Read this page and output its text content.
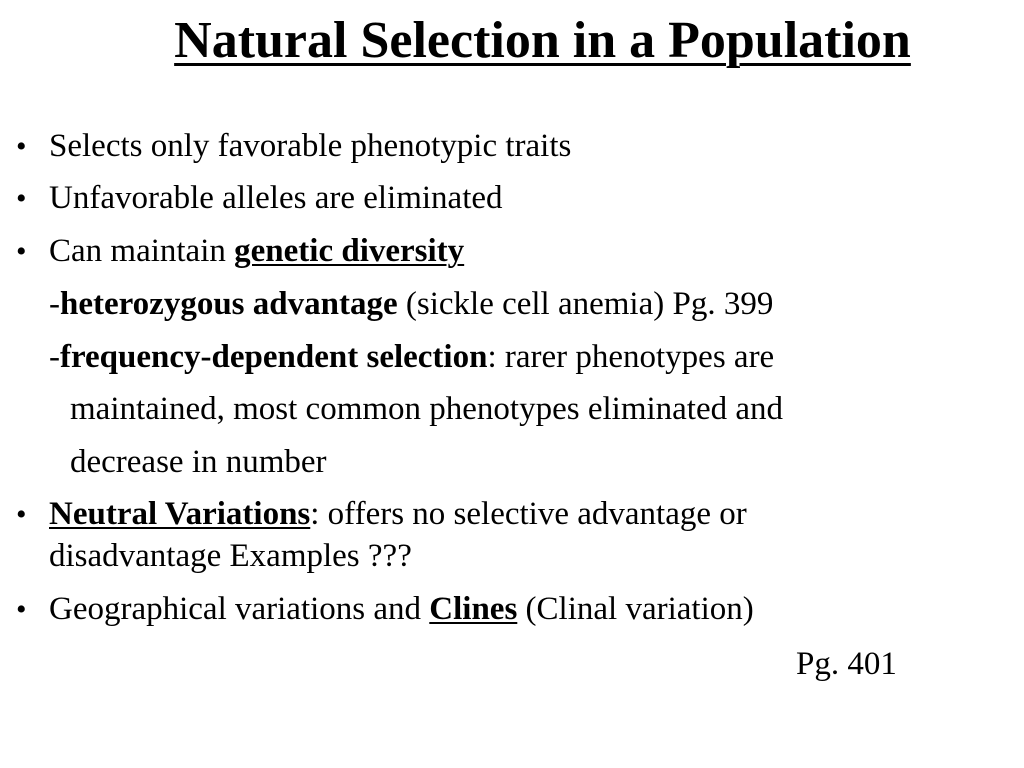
Natural Selection in a Population
• Selects only favorable phenotypic traits
• Unfavorable alleles are eliminated
• Can maintain genetic diversity
-heterozygous advantage (sickle cell anemia) Pg. 399
-frequency-dependent selection: rarer phenotypes are
maintained, most common phenotypes eliminated and
decrease in number
• Neutral Variations: offers no selective advantage or
disadvantage Examples ???
• Geographical variations and Clines (Clinal variation)
Pg. 401
